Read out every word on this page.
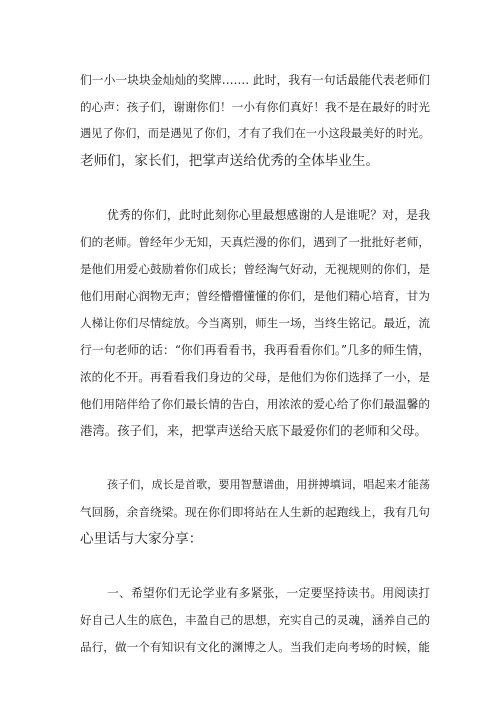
们一小一块块金灿灿的奖牌……. 此时，我有一句话最能代表老师们
的心声：孩子们，谢谢你们！一小有你们真好！我不是在最好的时光
遇见了你们，而是遇见了你们，才有了我们在一小这段最美好的时光。
老师们，家长们，把掌声送给优秀的全体毕业生。
优秀的你们，此时此刻你心里最想感谢的人是谁呢？对，是我
们的老师。曾经年少无知，天真烂漫的你们，遇到了一批批好老师，
是他们用爱心鼓励着你们成长；曾经淘气好动，无视规则的你们，是
他们用耐心润物无声；曾经懵懵懂懂的你们，是他们精心培育，甘为
人梯让你们尽情绽放。今当离别，师生一场，当终生铭记。最近，流
行一句老师的话：“你们再看看书，我再看看你们。”几多的师生情，
浓的化不开。再看看我们身边的父母，是他们为你们选择了一小，是
他们用陪伴给了你们最长情的告白，用浓浓的爱心给了你们最温馨的
港湾。孩子们，来，把掌声送给天底下最爱你们的老师和父母。
孩子们，成长是首歌，要用智慧谱曲，用拼搏填词，唱起来才能荡
气回肠，余音绕梁。现在你们即将站在人生新的起跑线上，我有几句
心里话与大家分享：
一、希望你们无论学业有多紧张，一定要坚持读书。用阅读打
好自己人生的底色，丰盈自己的思想，充实自己的灵魂，涵养自己的
品行，做一个有知识有文化的渊博之人。当我们走向考场的时候，能
